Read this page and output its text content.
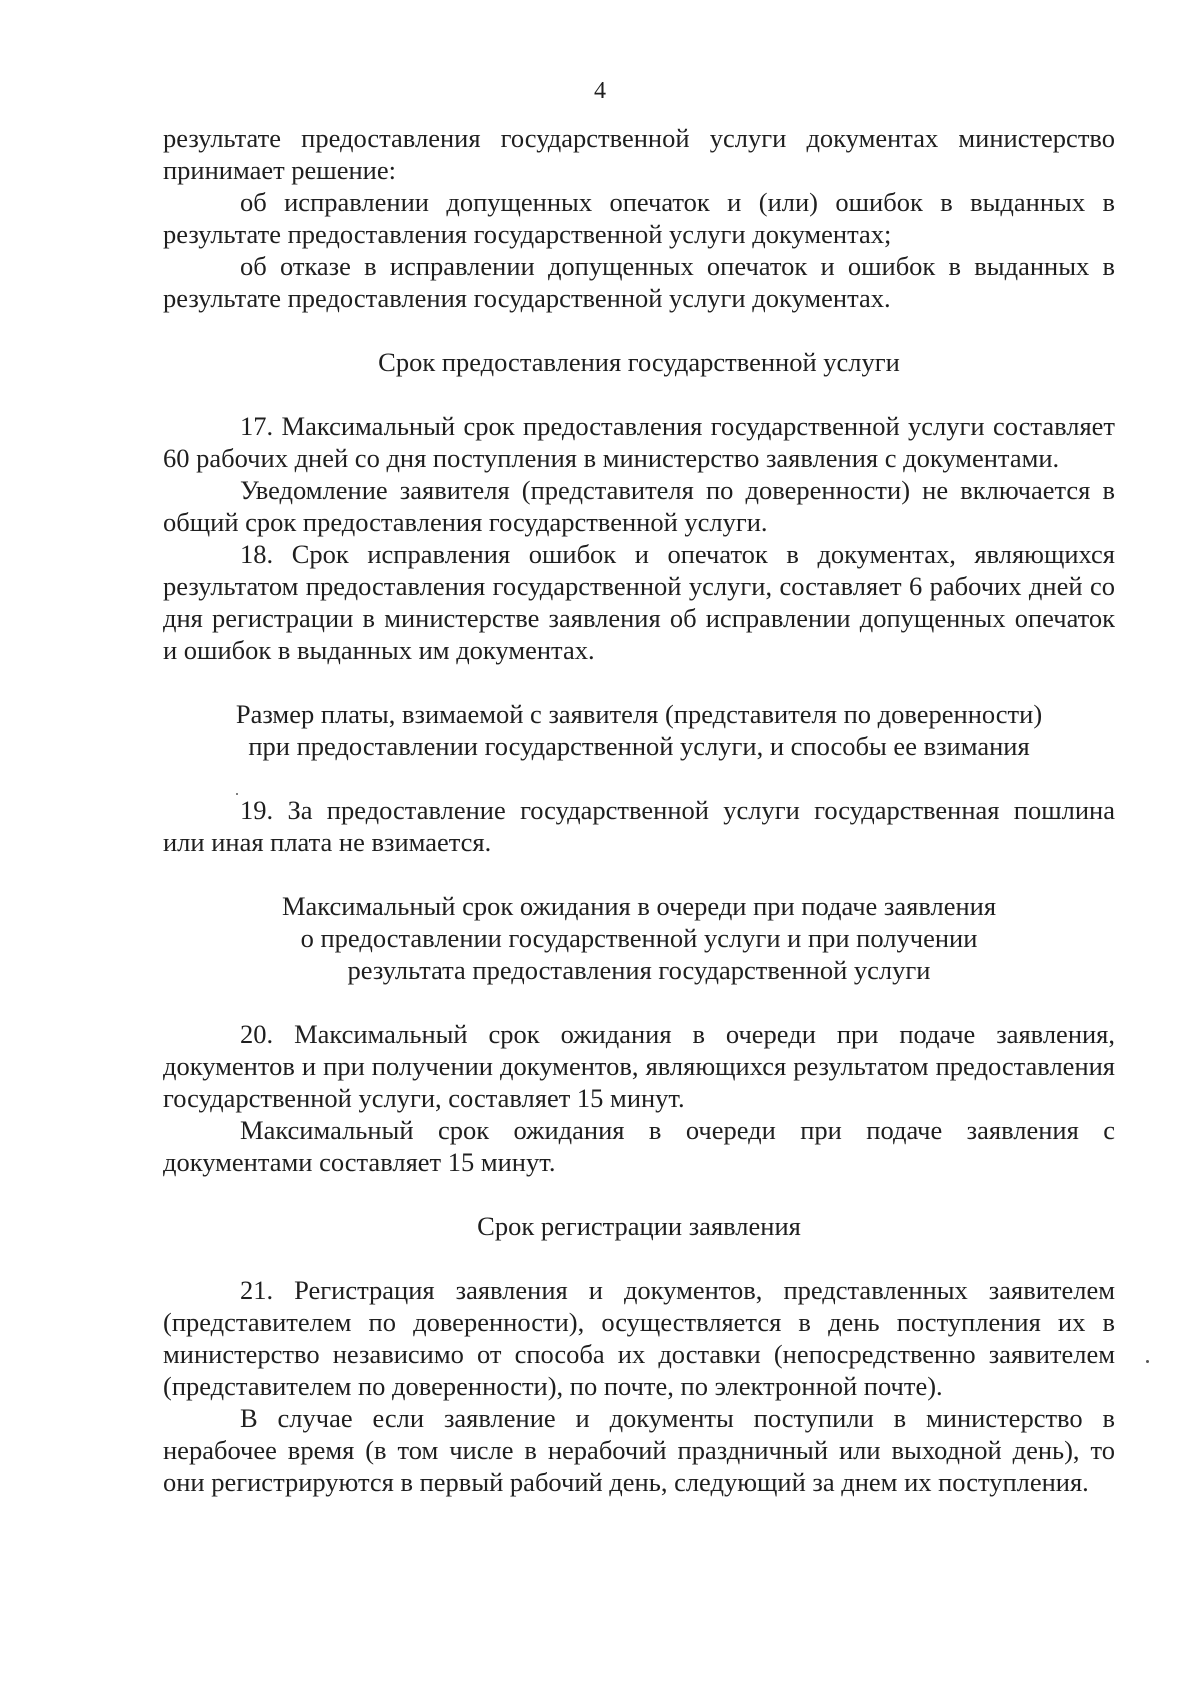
4

результате предоставления государственной услуги документах министерство принимает решение:

об исправлении допущенных опечаток и (или) ошибок в выданных в результате предоставления государственной услуги документах;

об отказе в исправлении допущенных опечаток и ошибок в выданных в результате предоставления государственной услуги документах.

Срок предоставления государственной услуги

17. Максимальный срок предоставления государственной услуги составляет 60 рабочих дней со дня поступления в министерство заявления с документами.

Уведомление заявителя (представителя по доверенности) не включается в общий срок предоставления государственной услуги.

18. Срок исправления ошибок и опечаток в документах, являющихся результатом предоставления государственной услуги, составляет 6 рабочих дней со дня регистрации в министерстве заявления об исправлении допущенных опечаток и ошибок в выданных им документах.

Размер платы, взимаемой с заявителя (представителя по доверенности)

при предоставлении государственной услуги, и способы ее взимания

19. За предоставление государственной услуги государственная пошлина или иная плата не взимается.

Максимальный срок ожидания в очереди при подаче заявления

о предоставлении государственной услуги и при получении

результата предоставления государственной услуги

20. Максимальный срок ожидания в очереди при подаче заявления, документов и при получении документов, являющихся результатом предоставления государственной услуги, составляет 15 минут.

Максимальный срок ожидания в очереди при подаче заявления с документами составляет 15 минут.

Срок регистрации заявления

21. Регистрация заявления и документов, представленных заявителем (представителем по доверенности), осуществляется в день поступления их в министерство независимо от способа их доставки (непосредственно заявителем (представителем по доверенности), по почте, по электронной почте).

В случае если заявление и документы поступили в министерство в нерабочее время (в том числе в нерабочий праздничный или выходной день), то они регистрируются в первый рабочий день, следующий за днем их поступления.
